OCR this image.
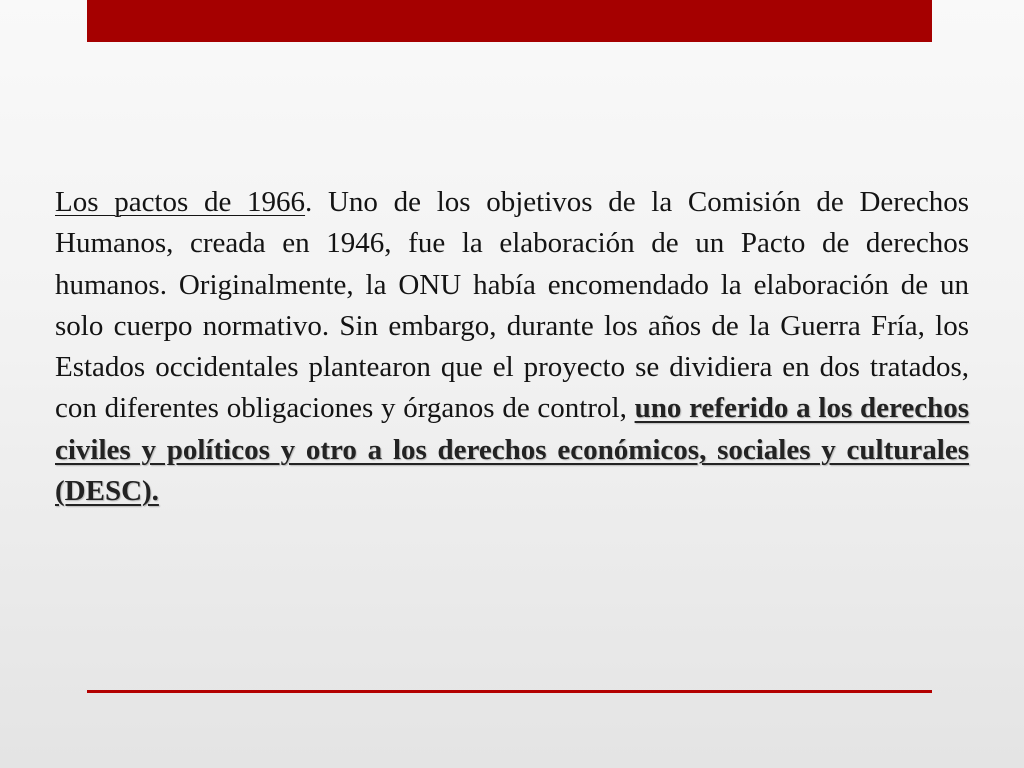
Los pactos de 1966. Uno de los objetivos de la Comisión de Derechos Humanos, creada en 1946, fue la elaboración de un Pacto de derechos humanos. Originalmente, la ONU había encomendado la elaboración de un solo cuerpo normativo. Sin embargo, durante los años de la Guerra Fría, los Estados occidentales plantearon que el proyecto se dividiera en dos tratados, con diferentes obligaciones y órganos de control, uno referido a los derechos civiles y políticos y otro a los derechos económicos, sociales y culturales (DESC).
